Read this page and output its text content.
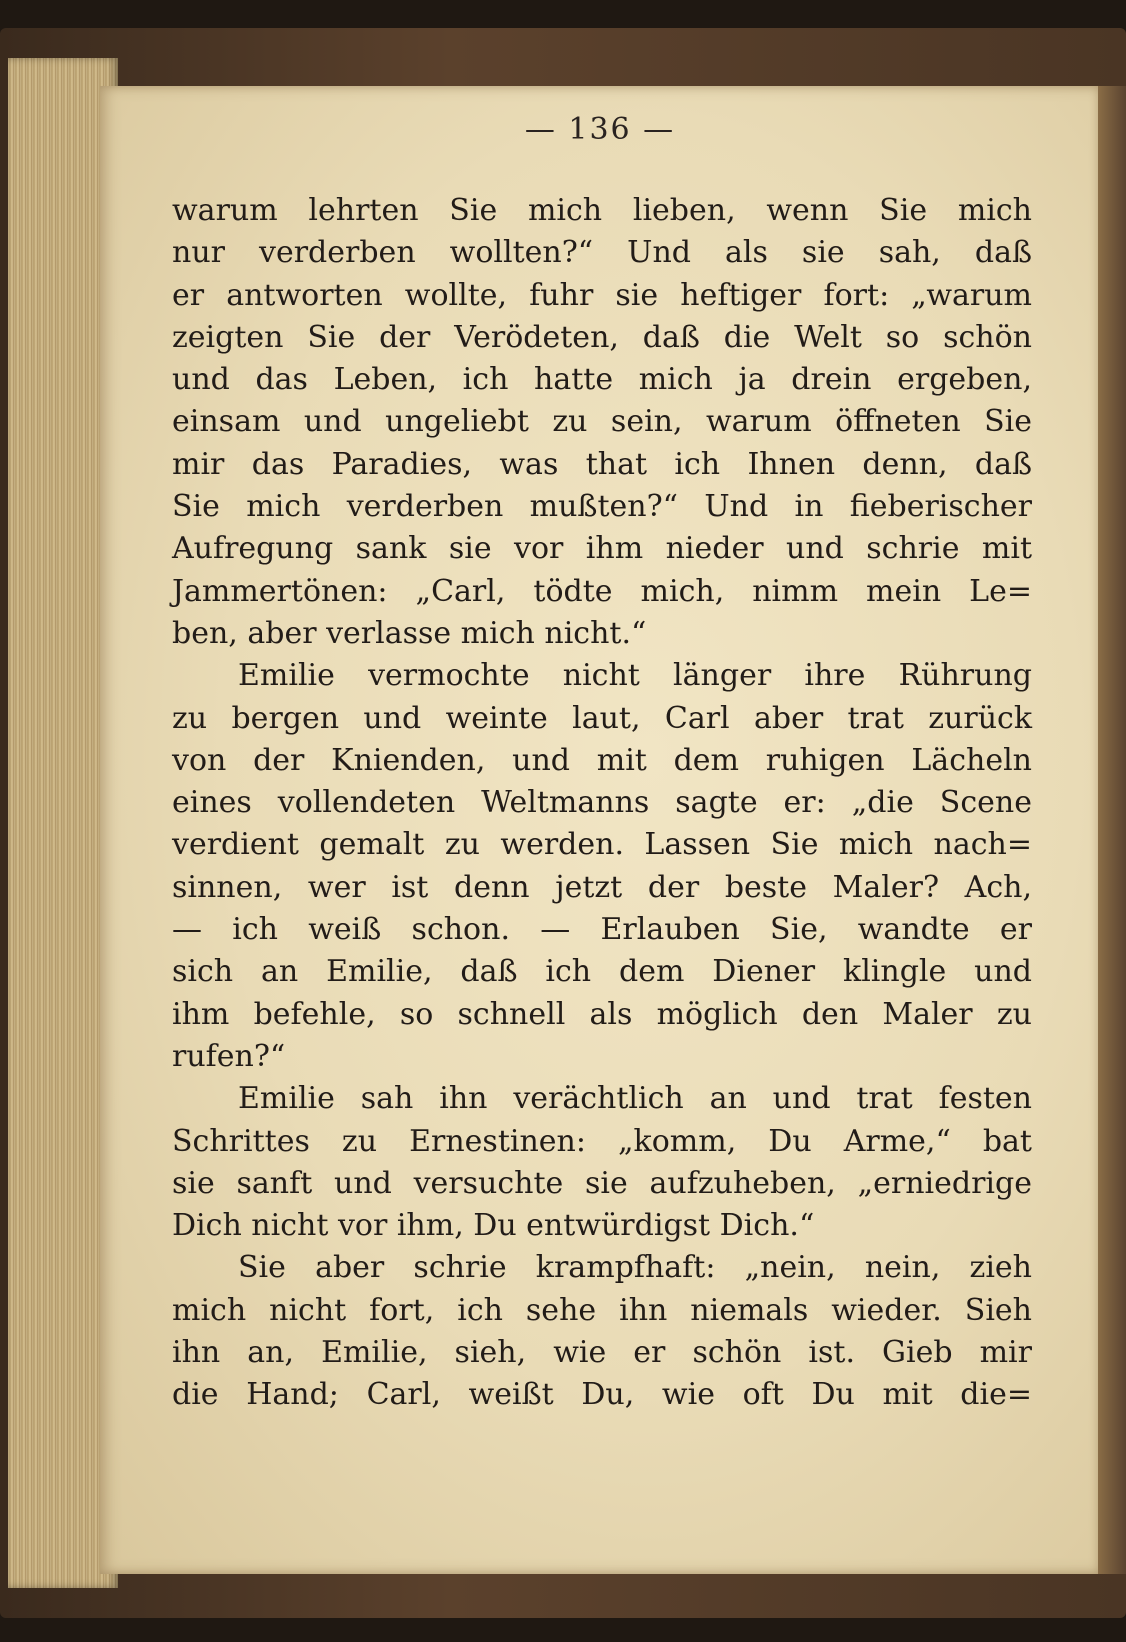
— 136 —
warum lehrten Sie mich lieben, wenn Sie mich
nur verderben wollten?“ Und als sie sah, daß
er antworten wollte, fuhr sie heftiger fort: „warum
zeigten Sie der Verödeten, daß die Welt so schön
und das Leben, ich hatte mich ja drein ergeben,
einsam und ungeliebt zu sein, warum öffneten Sie
mir das Paradies, was that ich Ihnen denn, daß
Sie mich verderben mußten?“ Und in fieberischer
Aufregung sank sie vor ihm nieder und schrie mit
Jammertönen: „Carl, tödte mich, nimm mein Le=
ben, aber verlasse mich nicht.“
Emilie vermochte nicht länger ihre Rührung
zu bergen und weinte laut, Carl aber trat zurück
von der Knienden, und mit dem ruhigen Lächeln
eines vollendeten Weltmanns sagte er: „die Scene
verdient gemalt zu werden. Lassen Sie mich nach=
sinnen, wer ist denn jetzt der beste Maler? Ach,
— ich weiß schon. — Erlauben Sie, wandte er
sich an Emilie, daß ich dem Diener klingle und
ihm befehle, so schnell als möglich den Maler zu
rufen?“
Emilie sah ihn verächtlich an und trat festen
Schrittes zu Ernestinen: „komm, Du Arme,“ bat
sie sanft und versuchte sie aufzuheben, „erniedrige
Dich nicht vor ihm, Du entwürdigst Dich.“
Sie aber schrie krampfhaft: „nein, nein, zieh
mich nicht fort, ich sehe ihn niemals wieder. Sieh
ihn an, Emilie, sieh, wie er schön ist. Gieb mir
die Hand; Carl, weißt Du, wie oft Du mit die=
